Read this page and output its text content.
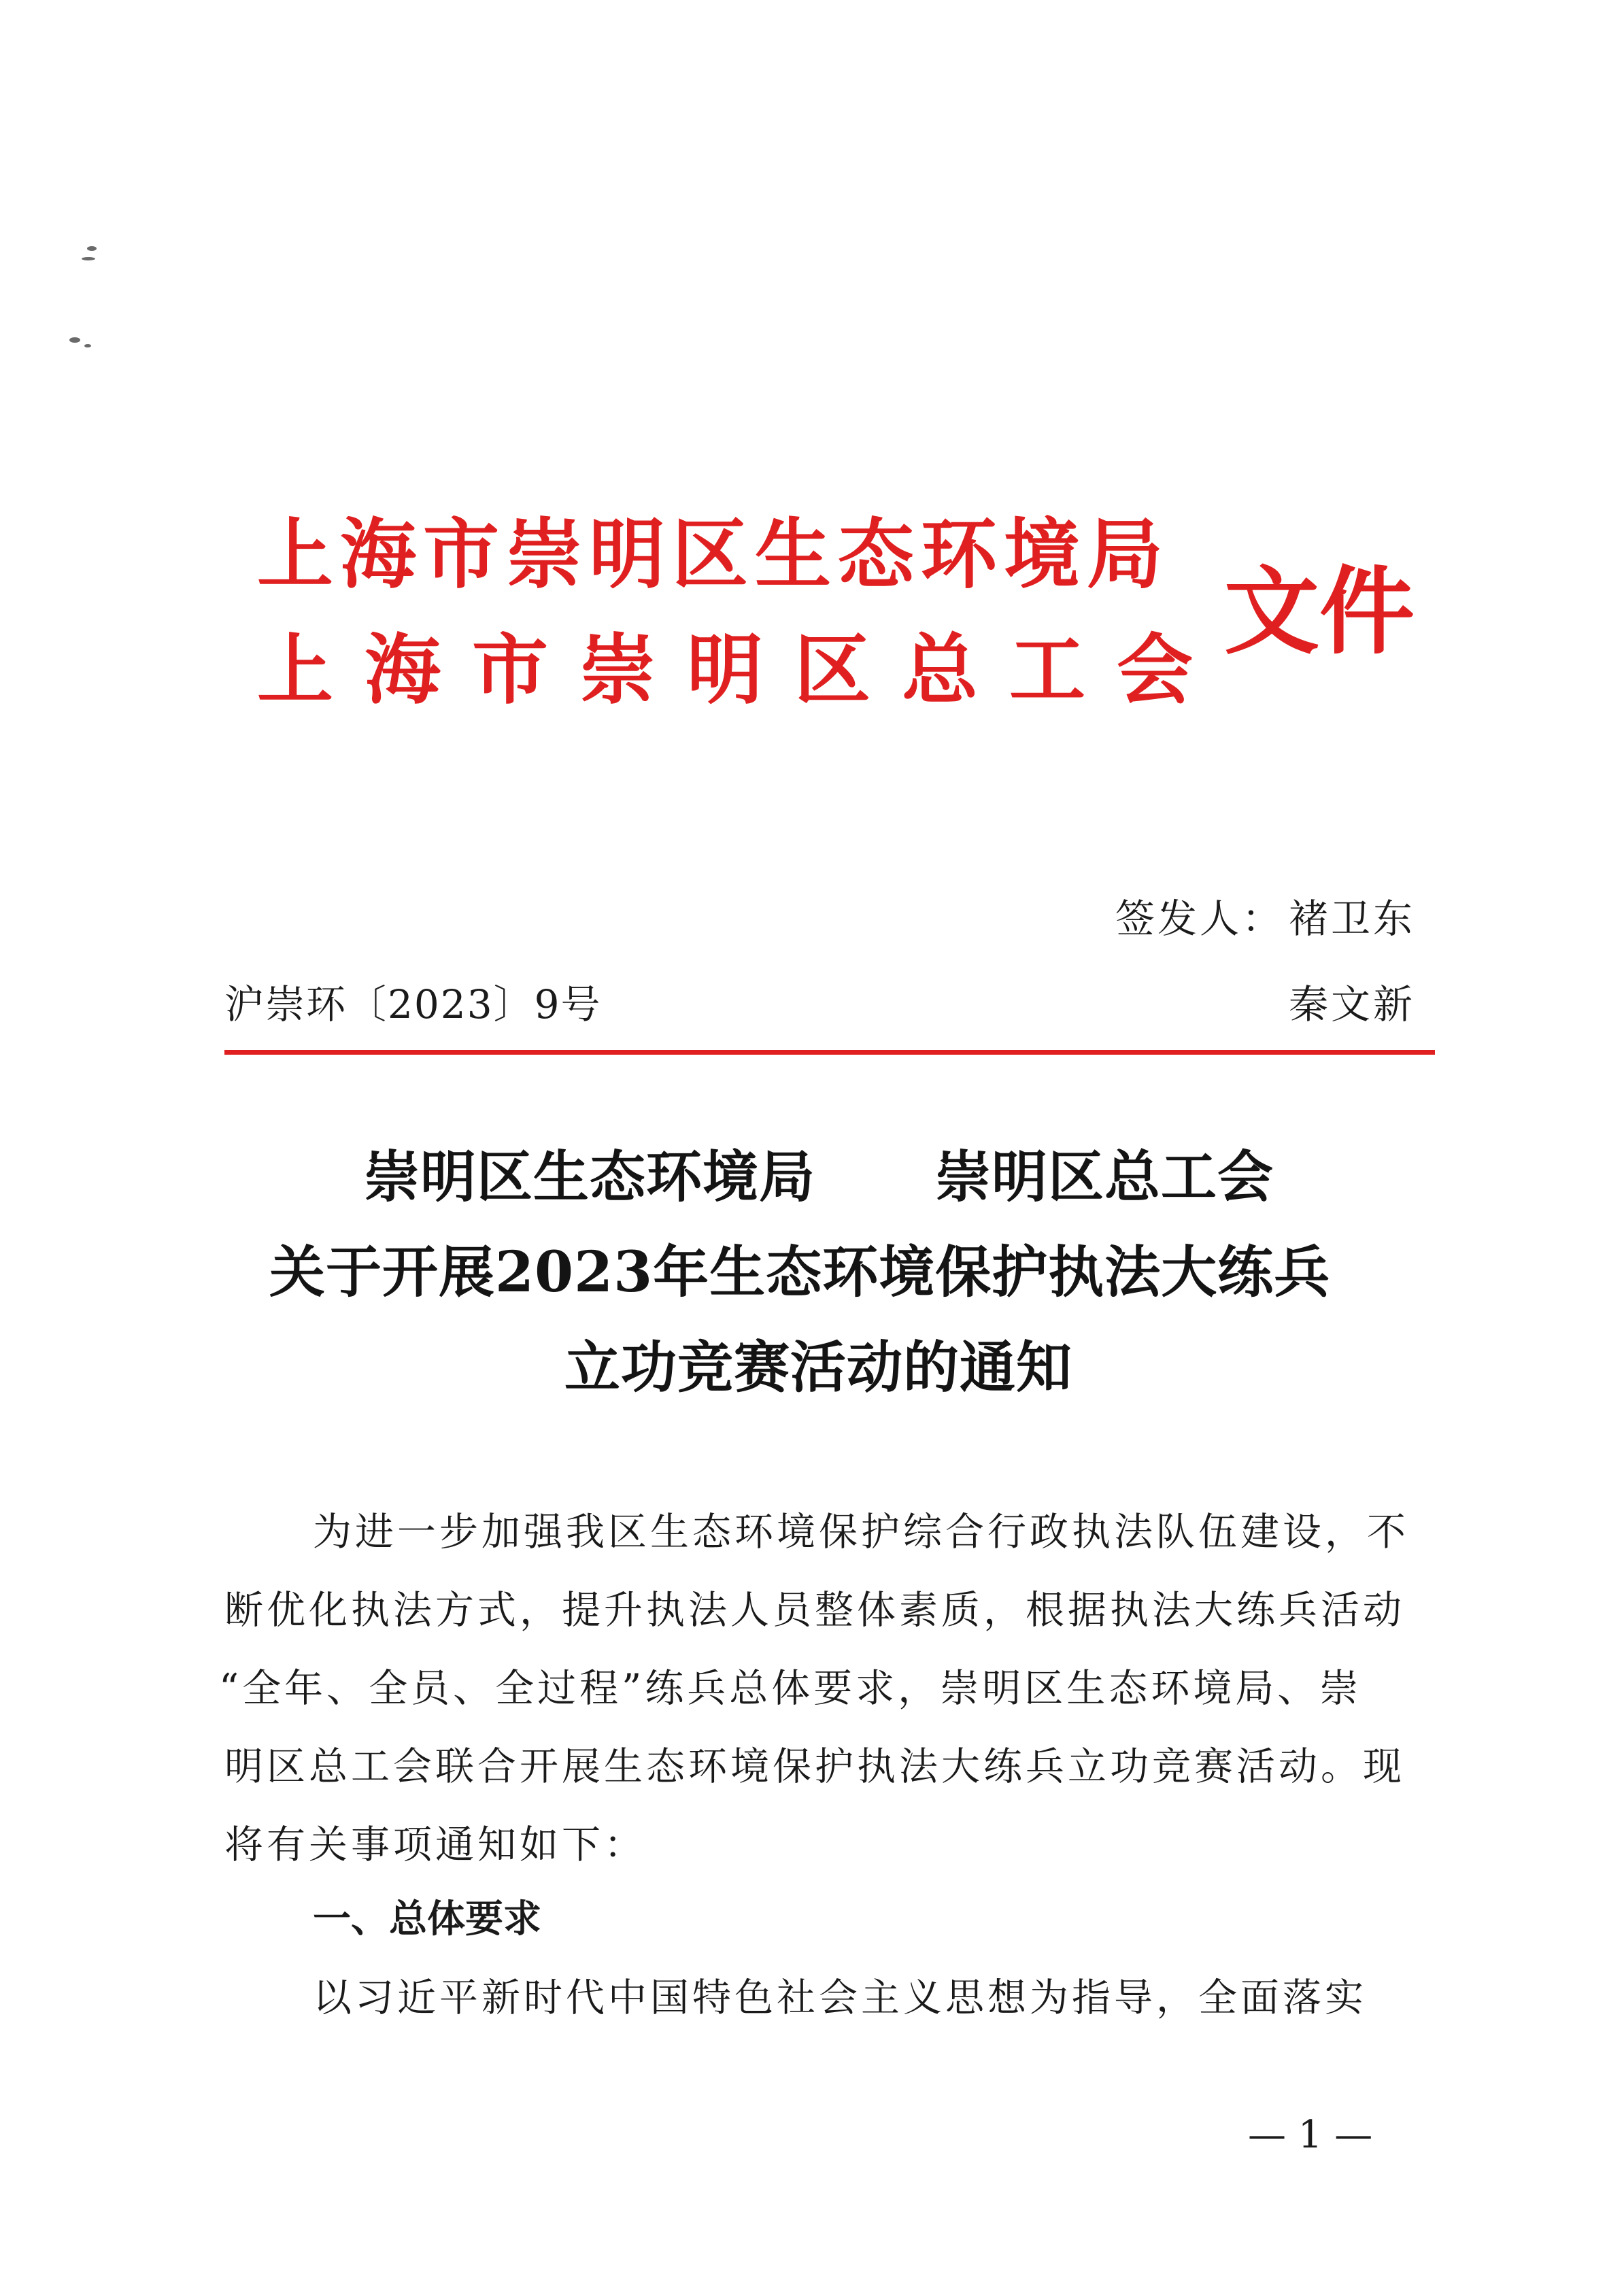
上海市崇明区生态环境局
上海市崇明区总工会
文件
签发人： 褚卫东
秦文新
沪崇环〔2023〕9号
崇明区生态环境局 崇明区总工会
关于开展2023年生态环境保护执法大练兵
立功竞赛活动的通知
为进一步加强我区生态环境保护综合行政执法队伍建设，不
断优化执法方式，提升执法人员整体素质，根据执法大练兵活动
“全年、全员、全过程”练兵总体要求，崇明区生态环境局、崇
明区总工会联合开展生态环境保护执法大练兵立功竞赛活动。现
将有关事项通知如下：
一、总体要求
以习近平新时代中国特色社会主义思想为指导，全面落实
— 1 —
